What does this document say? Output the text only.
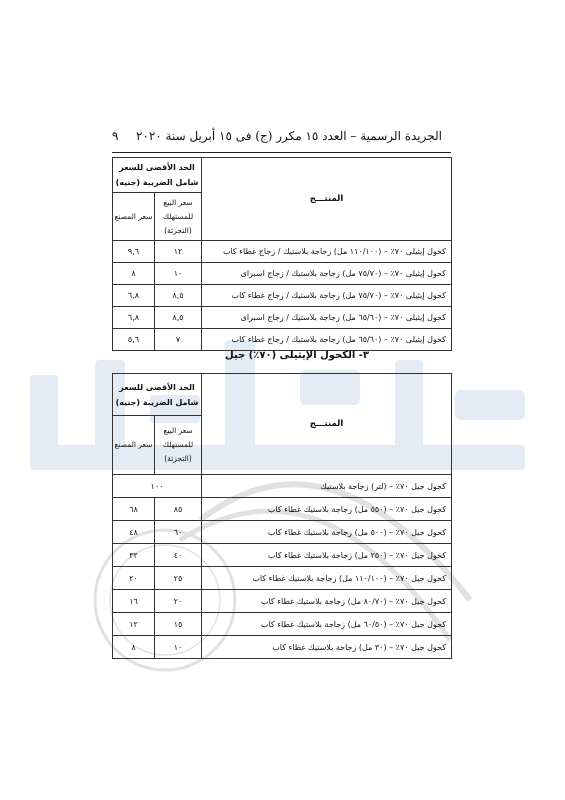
الجريدة الرسمية – العدد ١٥ مكرر (ج) فى ١٥ أبريل سنة ٢٠٢٠
٩
المنتـــج	الحد الأقصى للسعر شامل الضريبة (جنيه)	
	سعر البيع للمستهلك (التجزئة)	سعر المصنع
كحول إيثيلى ٧٠٪ – (١١٠/١٠٠ مل) زجاجة بلاستيك / زجاج غطاء كاب	١٢	٩,٦
كحول إيثيلى ٧٠٪ – (٧٥/٧٠ مل) زجاجة بلاستيك / زجاج اسبراى	١٠	٨
كحول إيثيلى ٧٠٪ – (٧٥/٧٠ مل) زجاجة بلاستيك / زجاج غطاء كاب	٨,٥	٦,٨
كحول إيثيلى ٧٠٪ – (٦٥/٦٠ مل) زجاجة بلاستيك / زجاج اسبراى	٨,٥	٦,٨
كحول إيثيلى ٧٠٪ – (٦٥/٦٠ مل) زجاجة بلاستيك / زجاج غطاء كاب	٧	٥,٦
٣- الكحول الإيثيلى (٧٠٪) جيل
المنتـــج	الحد الأقصى للسعر شامل الضريبة (جنيه)	
	سعر البيع للمستهلك (التجزئة)	سعر المصنع
كحول جيل ٧٠٪ – (لتر) زجاجة بلاستيك	١٠٠	
كحول جيل ٧٠٪ – (٥٥٠ مل) زجاجة بلاستيك غطاء كاب	٨٥	٦٨
كحول جيل ٧٠٪ – (٥٠٠ مل) زجاجة بلاستيك غطاء كاب	٦٠	٤٨
كحول جيل ٧٠٪ – (٢٥٠ مل) زجاجة بلاستيك غطاء كاب	٤٠	٣٢
كحول جيل ٧٠٪ – (١١٠/١٠٠ مل) زجاجة بلاستيك غطاء كاب	٢٥	٢٠
كحول جيل ٧٠٪ – (٨٠/٧٠ مل) زجاجة بلاستيك غطاء كاب	٢٠	١٦
كحول جيل ٧٠٪ – (٦٠/٥٠ مل) زجاجة بلاستيك غطاء كاب	١٥	١٢
كحول جيل ٧٠٪ – (٣٠ مل) زجاجة بلاستيك غطاء كاب	١٠	٨
